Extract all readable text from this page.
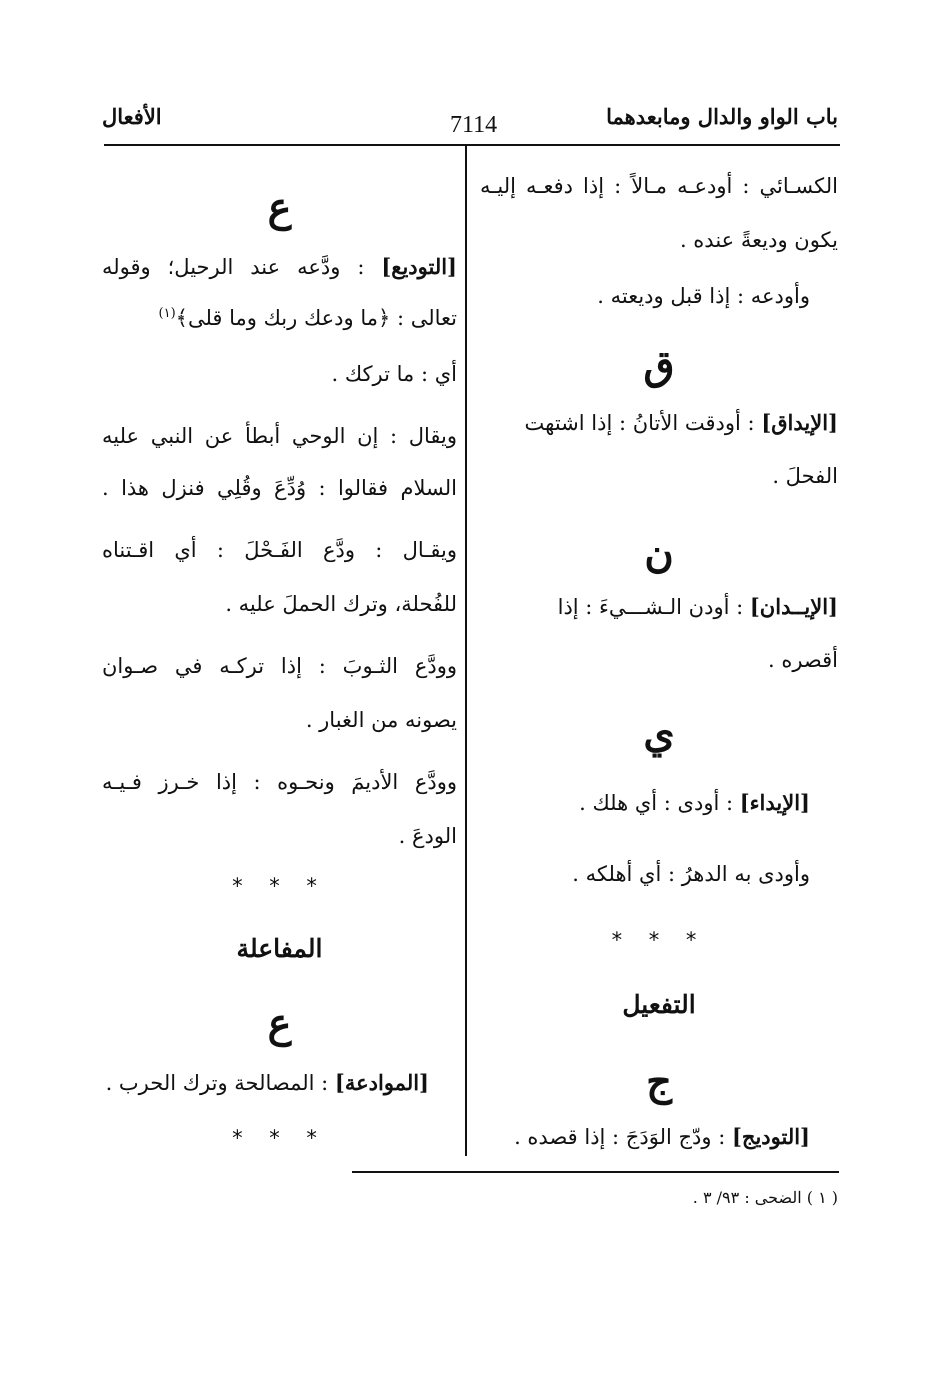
باب الواو والدال ومابعدهما
7114
الأفعال
الكسـائي : أودعـه مـالاً : إذا دفعـه إليـه
يكون وديعةً عنده .
وأودعه : إذا قبل وديعته .
ق
[الإيداق] : أودقت الأتانُ : إذا اشتهت
الفحلَ .
ن
[الإيــدان] : أودن الـشـــيءَ : إذا
أقصره .
ي
[الإيداء] : أودى : أي هلك .
وأودى به الدهرُ : أي أهلكه .
* * *
التفعيل
ج
[التوديج] : ودّج الوَدَجَ : إذا قصده .
ع
[التوديع] : ودَّعه عند الرحيل؛ وقوله
تعالى : ﴿ما ودعك ربك وما قلى﴾$^{(١)}$
أي : ما تركك .
ويقال : إن الوحي أبطأ عن النبي عليه
السلام فقالوا : وُدِّعَ وقُلِي فنزل هذا .
ويقـال : ودَّع الفَـحْلَ : أي اقـتناه
للفُحلة، وترك الحملَ عليه .
وودَّع الثـوبَ : إذا تركـه في صـوان
يصونه من الغبار .
وودَّع الأديمَ ونحـوه : إذا خـرز فـيـه
الودعَ .
* * *
المفاعلة
ع
[الموادعة] : المصالحة وترك الحرب .
* * *
( ١ ) الضحى : ٩٣/ ٣ .
